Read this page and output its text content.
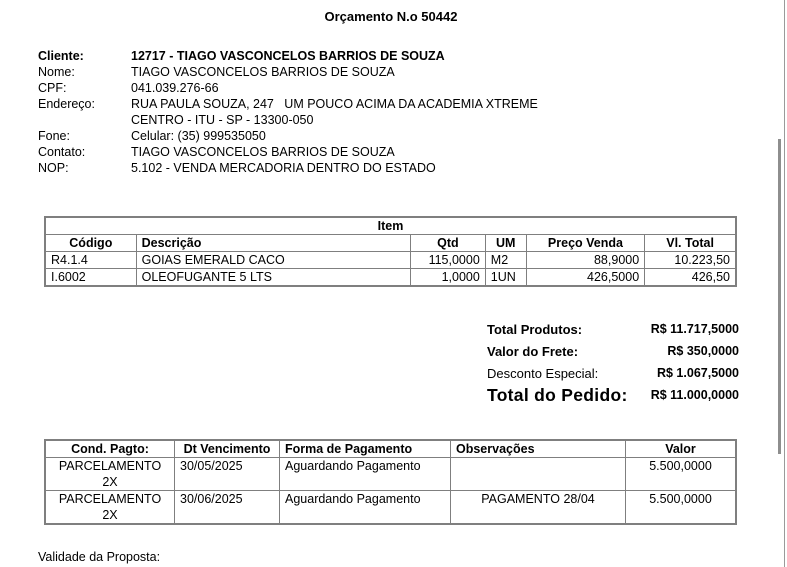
Orçamento N.o 50442
Cliente:	12717 - TIAGO VASCONCELOS BARRIOS DE SOUZA
Nome:	TIAGO VASCONCELOS BARRIOS DE SOUZA
CPF:	041.039.276-66
Endereço:	RUA PAULA SOUZA, 247   UM POUCO ACIMA DA ACADEMIA XTREME
CENTRO - ITU - SP - 13300-050
Fone:	Celular: (35) 999535050
Contato:	TIAGO VASCONCELOS BARRIOS DE SOUZA
NOP:	5.102 - VENDA MERCADORIA DENTRO DO ESTADO
Item					
Código	Descrição	Qtd	UM	Preço Venda	Vl. Total
R4.1.4	GOIAS EMERALD CACO	115,0000	M2	88,9000	10.223,50
I.6002	OLEOFUGANTE 5 LTS	1,0000	1UN	426,5000	426,50
Total Produtos:	R$ 11.717,5000
Valor do Frete:	R$ 350,0000
Desconto Especial:	R$ 1.067,5000
Total do Pedido: R$ 11.000,0000
Cond. Pagto:	Dt Vencimento	Forma de Pagamento	Observações	Valor
PARCELAMENTO 2X	30/05/2025	Aguardando Pagamento		5.500,0000
PARCELAMENTO 2X	30/06/2025	Aguardando Pagamento	PAGAMENTO 28/04	5.500,0000
Validade da Proposta:
